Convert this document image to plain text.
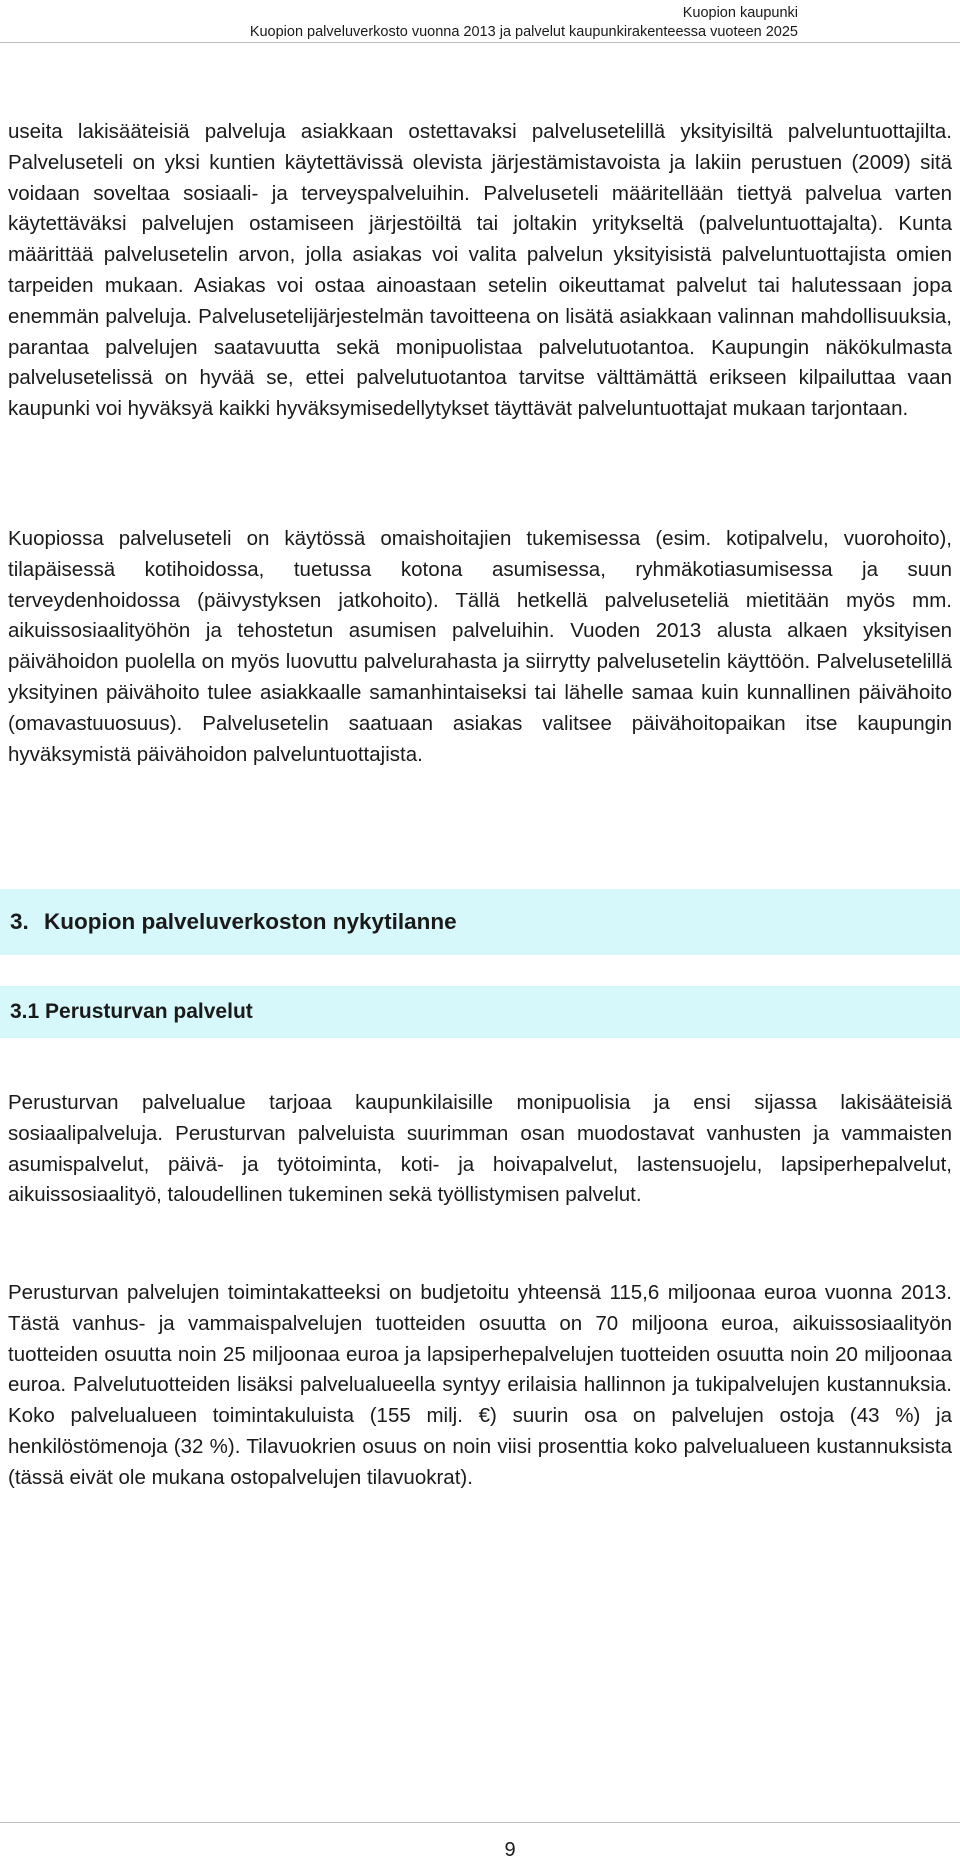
Kuopion kaupunki
Kuopion palveluverkosto vuonna 2013 ja palvelut kaupunkirakenteessa vuoteen 2025

useita lakisääteisiä palveluja asiakkaan ostettavaksi palvelusetelillä yksityisiltä palveluntuottajilta. Palveluseteli on yksi kuntien käytettävissä olevista järjestämistavoista ja lakiin perustuen (2009) sitä voidaan soveltaa sosiaali- ja terveyspalveluihin. Palveluseteli määritellään tiettyä palvelua varten käytettäväksi palvelujen ostamiseen järjestöiltä tai joltakin yritykseltä (palveluntuottajalta). Kunta määrittää palvelusetelin arvon, jolla asiakas voi valita palvelun yksityisistä palveluntuottajista omien tarpeiden mukaan. Asiakas voi ostaa ainoastaan setelin oikeuttamat palvelut tai halutessaan jopa enemmän palveluja. Palvelusetelijärjestelmän tavoitteena on lisätä asiakkaan valinnan mahdollisuuksia, parantaa palvelujen saatavuutta sekä monipuolistaa palvelutuotantoa. Kaupungin näkökulmasta palvelusetelissä on hyvää se, ettei palvelutuotantoa tarvitse välttämättä erikseen kilpailuttaa vaan kaupunki voi hyväksyä kaikki hyväksymisedellytykset täyttävät palveluntuottajat mukaan tarjontaan.

Kuopiossa palveluseteli on käytössä omaishoitajien tukemisessa (esim. kotipalvelu, vuorohoito), tilapäisessä kotihoidossa, tuetussa kotona asumisessa, ryhmäkotiasumisessa ja suun terveydenhoidossa (päivystyksen jatkohoito). Tällä hetkellä palveluseteliä mietitään myös mm. aikuissosiaalityöhön ja tehostetun asumisen palveluihin. Vuoden 2013 alusta alkaen yksityisen päivähoidon puolella on myös luovuttu palvelurahasta ja siirrytty palvelusetelin käyttöön. Palvelusetelillä yksityinen päivähoito tulee asiakkaalle samanhintaiseksi tai lähelle samaa kuin kunnallinen päivähoito (omavastuuosuus). Palvelusetelin saatuaan asiakas valitsee päivähoitopaikan itse kaupungin hyväksymistä päivähoidon palveluntuottajista.

3. Kuopion palveluverkoston nykytilanne
3.1 Perusturvan palvelut

Perusturvan palvelualue tarjoaa kaupunkilaisille monipuolisia ja ensi sijassa lakisääteisiä sosiaalipalveluja. Perusturvan palveluista suurimman osan muodostavat vanhusten ja vammaisten asumispalvelut, päivä- ja työtoiminta, koti- ja hoivapalvelut, lastensuojelu, lapsiperhepalvelut, aikuissosiaalityö, taloudellinen tukeminen sekä työllistymisen palvelut.

Perusturvan palvelujen toimintakatteeksi on budjetoitu yhteensä 115,6 miljoonaa euroa vuonna 2013. Tästä vanhus- ja vammaispalvelujen tuotteiden osuutta on 70 miljoona euroa, aikuissosiaalityön tuotteiden osuutta noin 25 miljoonaa euroa ja lapsiperhepalvelujen tuotteiden osuutta noin 20 miljoonaa euroa. Palvelutuotteiden lisäksi palvelualueella syntyy erilaisia hallinnon ja tukipalvelujen kustannuksia. Koko palvelualueen toimintakuluista (155 milj. €) suurin osa on palvelujen ostoja (43 %) ja henkilöstömenoja (32 %). Tilavuokrien osuus on noin viisi prosenttia koko palvelualueen kustannuksista (tässä eivät ole mukana ostopalvelujen tilavuokrat).

9
